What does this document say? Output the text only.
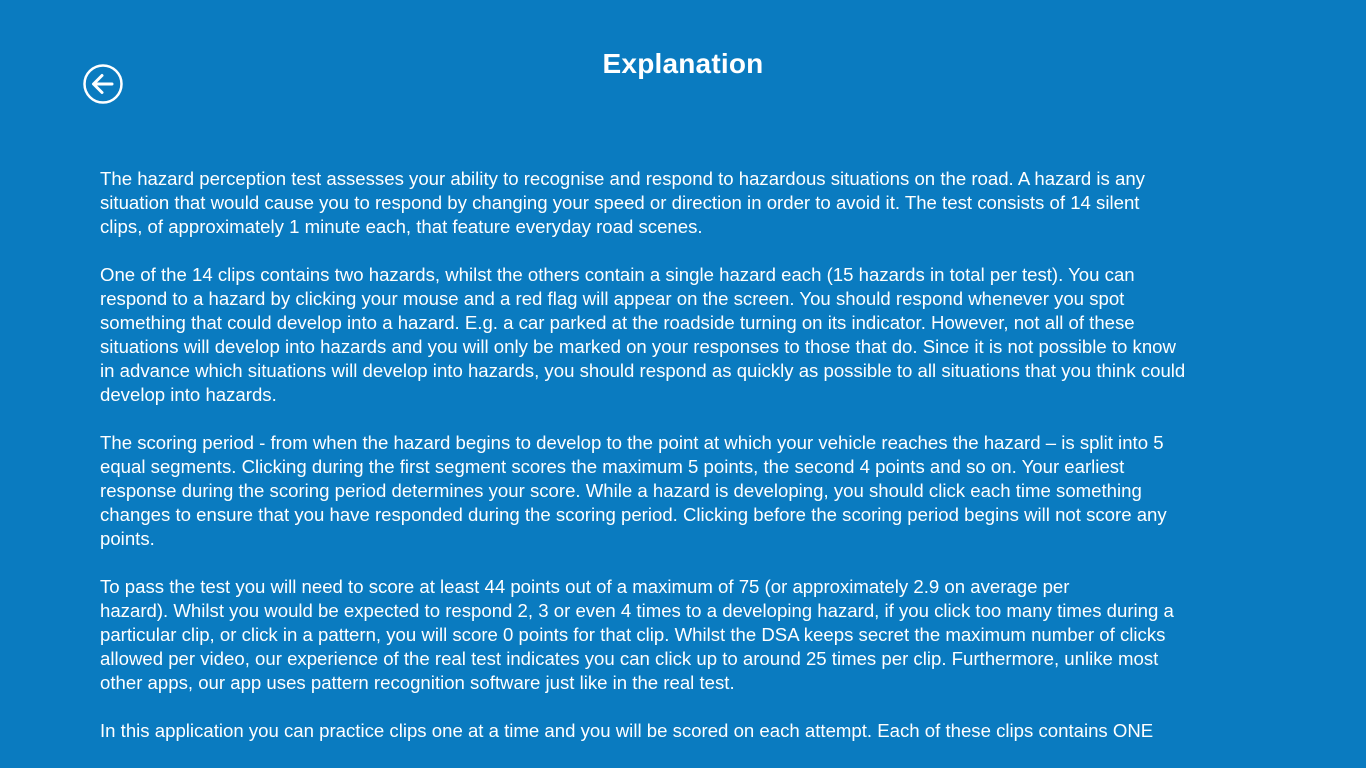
Explanation

The hazard perception test assesses your ability to recognise and respond to hazardous situations on the road. A hazard is any
situation that would cause you to respond by changing your speed or direction in order to avoid it. The test consists of 14 silent
clips, of approximately 1 minute each, that feature everyday road scenes.

One of the 14 clips contains two hazards, whilst the others contain a single hazard each (15 hazards in total per test). You can
respond to a hazard by clicking your mouse and a red flag will appear on the screen. You should respond whenever you spot
something that could develop into a hazard. E.g. a car parked at the roadside turning on its indicator. However, not all of these
situations will develop into hazards and you will only be marked on your responses to those that do. Since it is not possible to know
in advance which situations will develop into hazards, you should respond as quickly as possible to all situations that you think could
develop into hazards.

The scoring period - from when the hazard begins to develop to the point at which your vehicle reaches the hazard – is split into 5
equal segments. Clicking during the first segment scores the maximum 5 points, the second 4 points and so on. Your earliest
response during the scoring period determines your score. While a hazard is developing, you should click each time something
changes to ensure that you have responded during the scoring period. Clicking before the scoring period begins will not score any
points.

To pass the test you will need to score at least 44 points out of a maximum of 75 (or approximately 2.9 on average per
hazard). Whilst you would be expected to respond 2, 3 or even 4 times to a developing hazard, if you click too many times during a
particular clip, or click in a pattern, you will score 0 points for that clip. Whilst the DSA keeps secret the maximum number of clicks
allowed per video, our experience of the real test indicates you can click up to around 25 times per clip. Furthermore, unlike most
other apps, our app uses pattern recognition software just like in the real test.

In this application you can practice clips one at a time and you will be scored on each attempt. Each of these clips contains ONE
